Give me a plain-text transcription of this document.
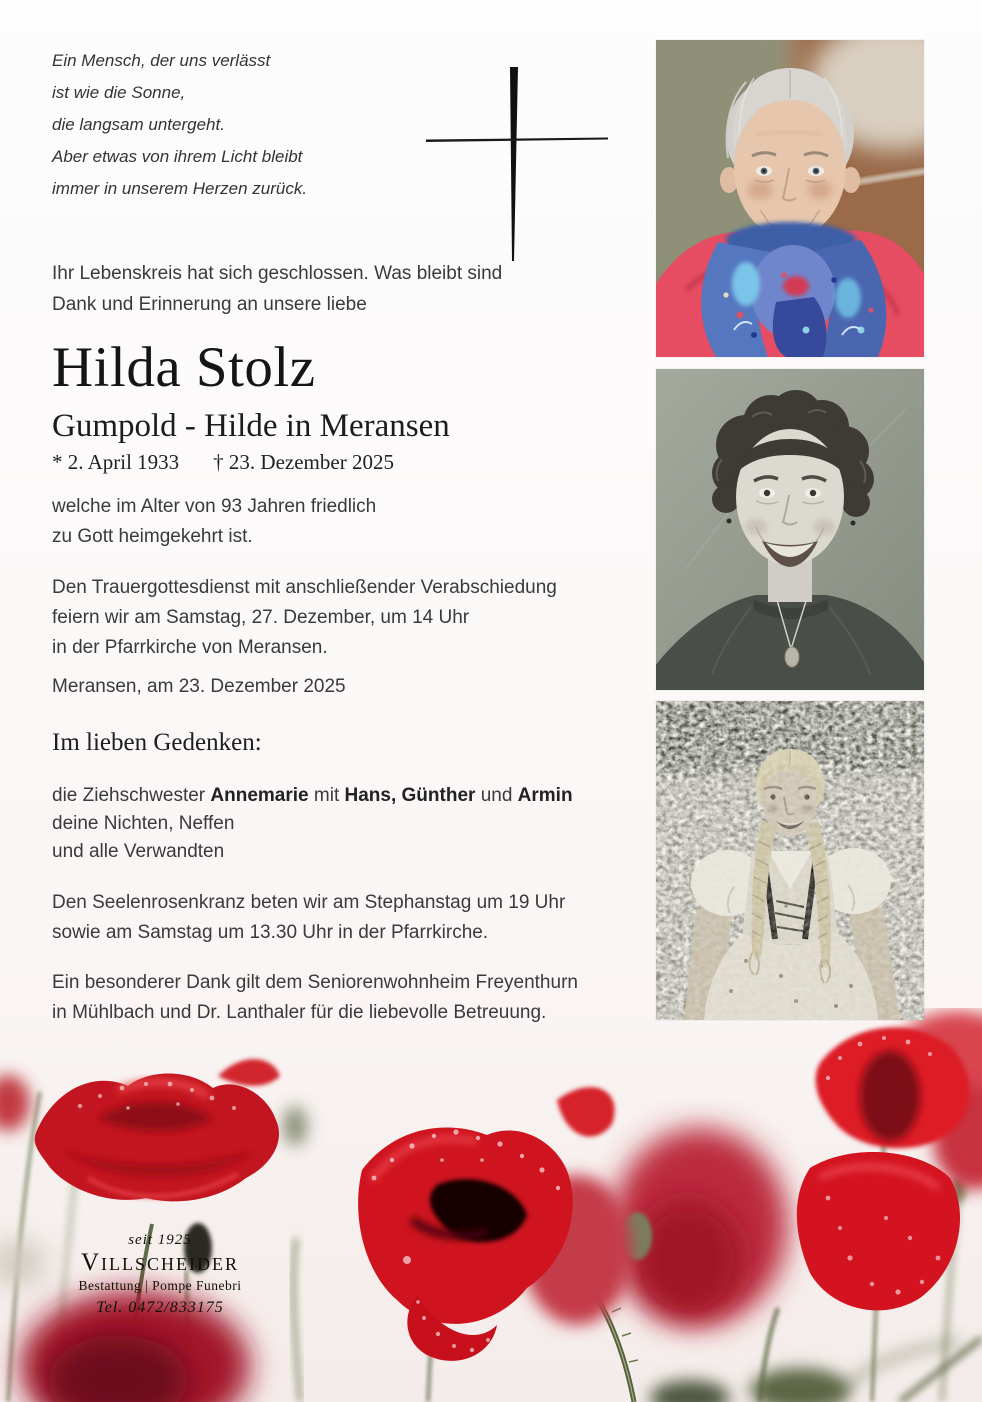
Ein Mensch, der uns verlässt
ist wie die Sonne,
die langsam untergeht.
Aber etwas von ihrem Licht bleibt
immer in unserem Herzen zurück.
Ihr Lebenskreis hat sich geschlossen. Was bleibt sind
Dank und Erinnerung an unsere liebe
Hilda Stolz
Gumpold - Hilde in Meransen
* 2. April 1933 † 23. Dezember 2025
welche im Alter von 93 Jahren friedlich
zu Gott heimgekehrt ist.
Den Trauergottesdienst mit anschließender Verabschiedung
feiern wir am Samstag, 27. Dezember, um 14 Uhr
in der Pfarrkirche von Meransen.
Meransen, am 23. Dezember 2025
Im lieben Gedenken:
die Ziehschwester Annemarie mit Hans, Günther und Armin
deine Nichten, Neffen
und alle Verwandten
Den Seelenrosenkranz beten wir am Stephanstag um 19 Uhr
sowie am Samstag um 13.30 Uhr in der Pfarrkirche.
Ein besonderer Dank gilt dem Seniorenwohnheim Freyenthurn
in Mühlbach und Dr. Lanthaler für die liebevolle Betreuung.
seit 1925
Villscheider
Bestattung | Pompe Funebri
Tel. 0472/833175
